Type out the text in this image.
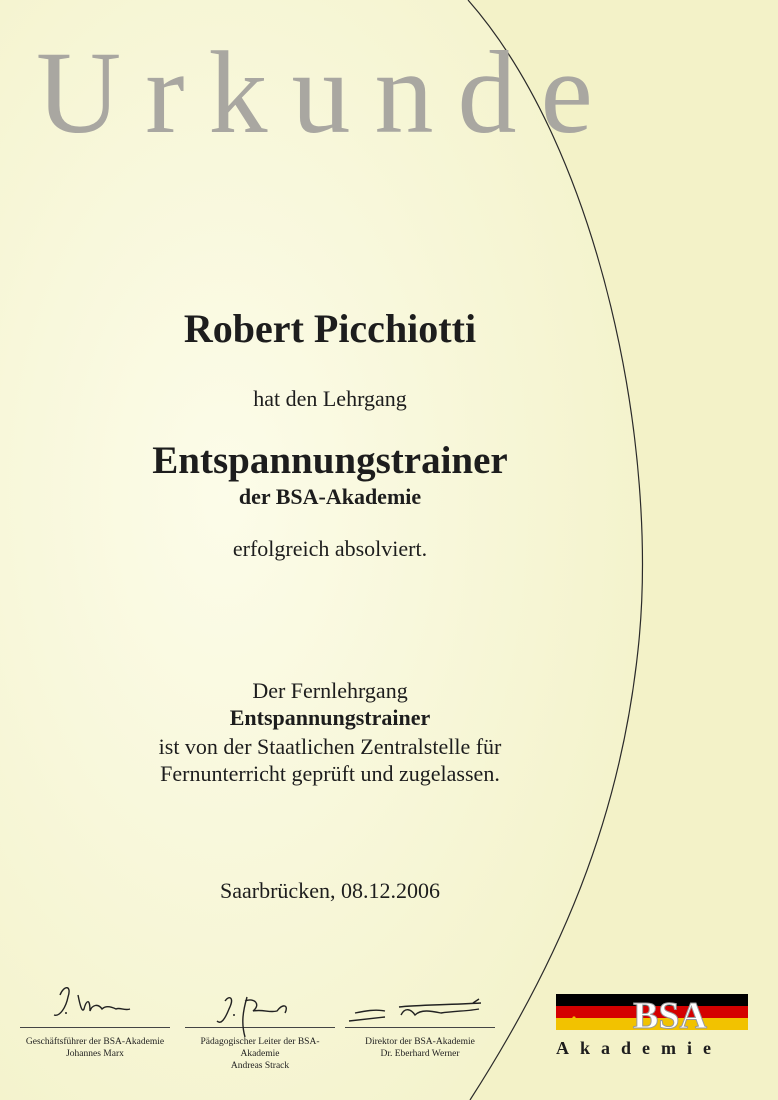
Urkunde
Robert Picchiotti
hat den Lehrgang
Entspannungstrainer
der BSA-Akademie
erfolgreich absolviert.
Der Fernlehrgang
Entspannungstrainer
ist von der Staatlichen Zentralstelle für
Fernunterricht geprüft und zugelassen.
Saarbrücken, 08.12.2006
Geschäftsführer der BSA-Akademie
Johannes Marx
Pädagogischer Leiter der BSA-Akademie
Andreas Strack
Direktor der BSA-Akademie
Dr. Eberhard Werner
BSA
Akademie
